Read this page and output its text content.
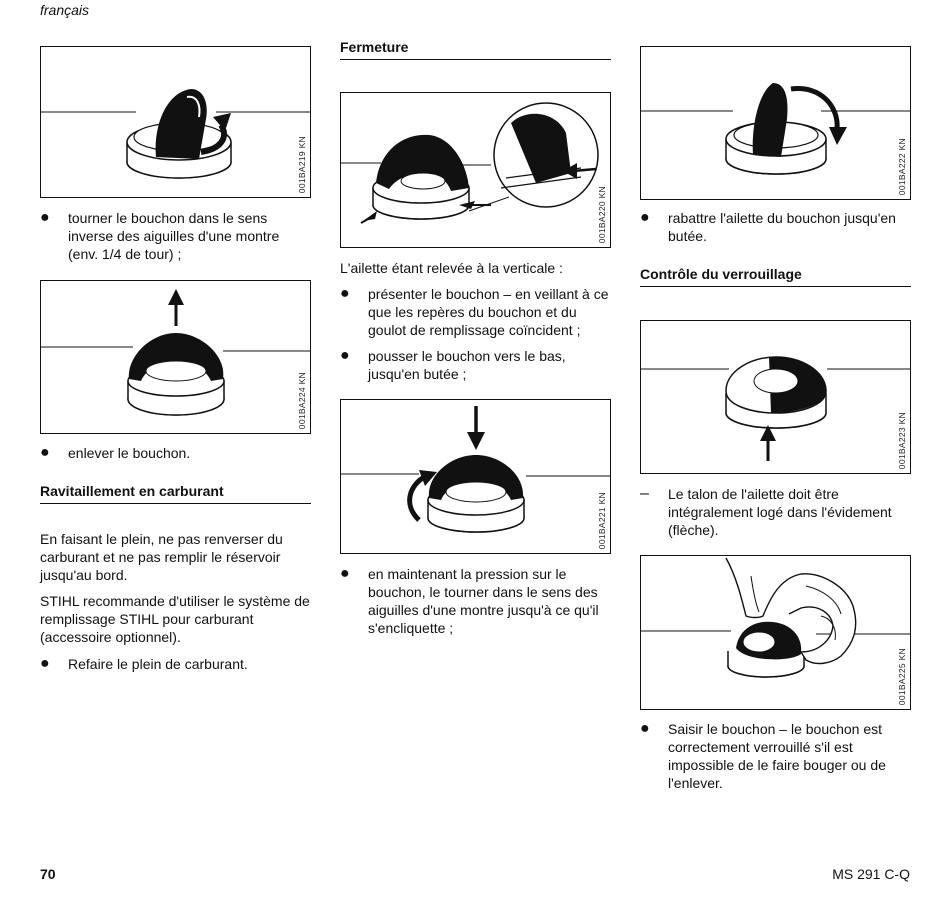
français
001BA219 KN
● tourner le bouchon dans le sens inverse des aiguilles d'une montre (env. 1/4 de tour) ;
001BA224 KN
● enlever le bouchon.
Ravitaillement en carburant
En faisant le plein, ne pas renverser du carburant et ne pas remplir le réservoir jusqu'au bord.
STIHL recommande d'utiliser le système de remplissage STIHL pour carburant (accessoire optionnel).
● Refaire le plein de carburant.
Fermeture
001BA220 KN
L'ailette étant relevée à la verticale :
● présenter le bouchon – en veillant à ce que les repères du bouchon et du goulot de remplissage coïncident ;
● pousser le bouchon vers le bas, jusqu'en butée ;
001BA221 KN
● en maintenant la pression sur le bouchon, le tourner dans le sens des aiguilles d'une montre jusqu'à ce qu'il s'encliquette ;
001BA222 KN
● rabattre l'ailette du bouchon jusqu'en butée.
Contrôle du verrouillage
001BA223 KN
– Le talon de l'ailette doit être intégralement logé dans l'évidement (flèche).
001BA225 KN
● Saisir le bouchon – le bouchon est correctement verrouillé s'il est impossible de le faire bouger ou de l'enlever.
70	MS 291 C-Q
